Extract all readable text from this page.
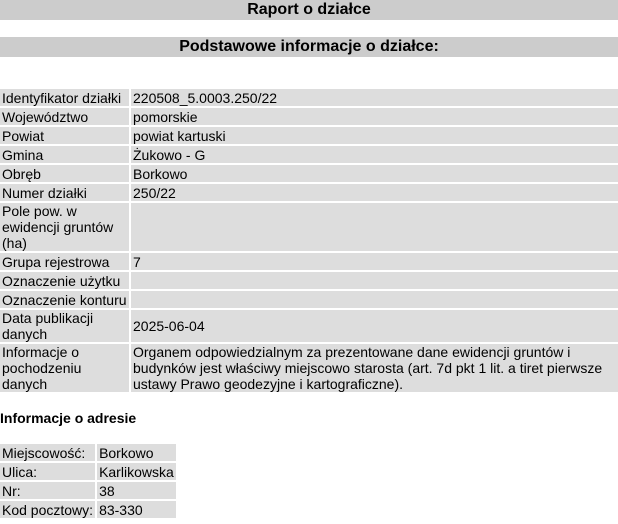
Raport o działce
Podstawowe informacje o działce:
Identyfikator działki	220508_5.0003.250/22
Województwo	pomorskie
Powiat	powiat kartuski
Gmina	Żukowo - G
Obręb	Borkowo
Numer działki	250/22
Pole pow. w ewidencji gruntów (ha)	
Grupa rejestrowa	7
Oznaczenie użytku	
Oznaczenie konturu	
Data publikacji danych	2025-06-04
Informacje o pochodzeniu danych	Organem odpowiedzialnym za prezentowane dane ewidencji gruntów i budynków jest właściwy miejscowo starosta (art. 7d pkt 1 lit. a tiret pierwsze ustawy Prawo geodezyjne i kartograficzne).
Informacje o adresie
Miejscowość:	Borkowo
Ulica:	Karlikowska
Nr:	38
Kod pocztowy:	83-330
